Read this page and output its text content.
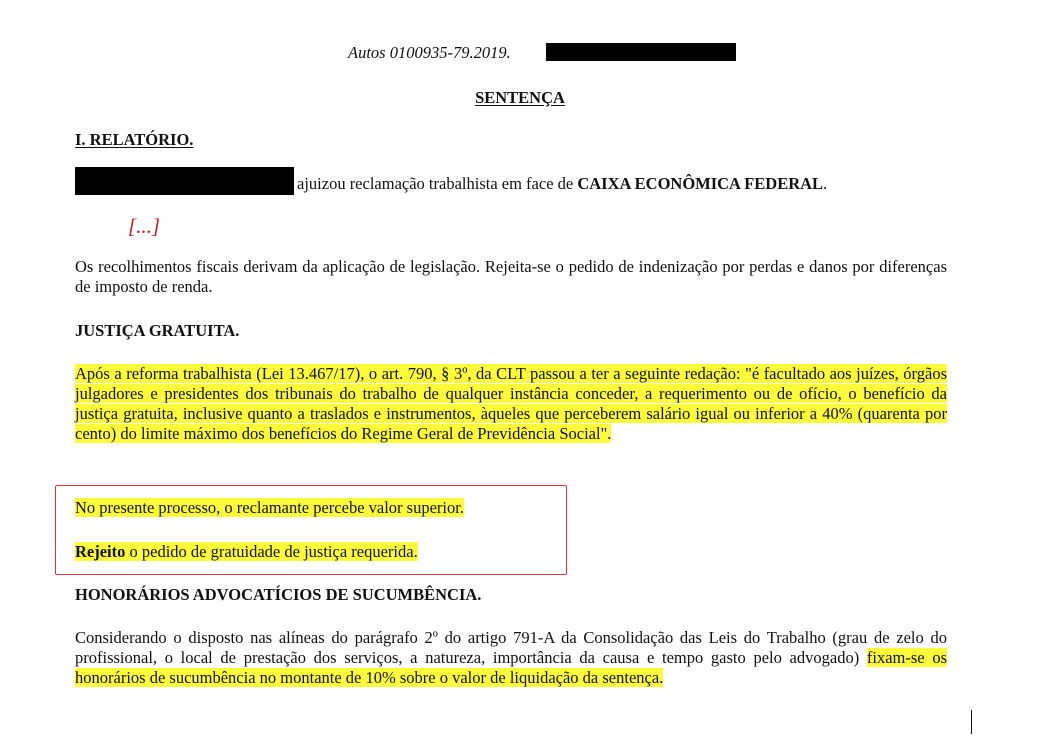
Autos 0100935-79.2019.
SENTENÇA
I. RELATÓRIO.
ajuizou reclamação trabalhista em face de CAIXA ECONÔMICA FEDERAL.
[...]
Os recolhimentos fiscais derivam da aplicação de legislação. Rejeita-se o pedido de indenização por perdas e danos por diferenças de imposto de renda.
JUSTIÇA GRATUITA.
Após a reforma trabalhista (Lei 13.467/17), o art. 790, § 3º, da CLT passou a ter a seguinte redação: "é facultado aos juízes, órgãos julgadores e presidentes dos tribunais do trabalho de qualquer instância conceder, a requerimento ou de ofício, o benefício da justiça gratuita, inclusive quanto a traslados e instrumentos, àqueles que perceberem salário igual ou inferior a 40% (quarenta por cento) do limite máximo dos benefícios do Regime Geral de Previdência Social".
No presente processo, o reclamante percebe valor superior.
Rejeito o pedido de gratuidade de justiça requerida.
HONORÁRIOS ADVOCATÍCIOS DE SUCUMBÊNCIA.
Considerando o disposto nas alíneas do parágrafo 2º do artigo 791-A da Consolidação das Leis do Trabalho (grau de zelo do profissional, o local de prestação dos serviços, a natureza, importância da causa e tempo gasto pelo advogado) fixam-se os honorários de sucumbência no montante de 10% sobre o valor de liquidação da sentença.
